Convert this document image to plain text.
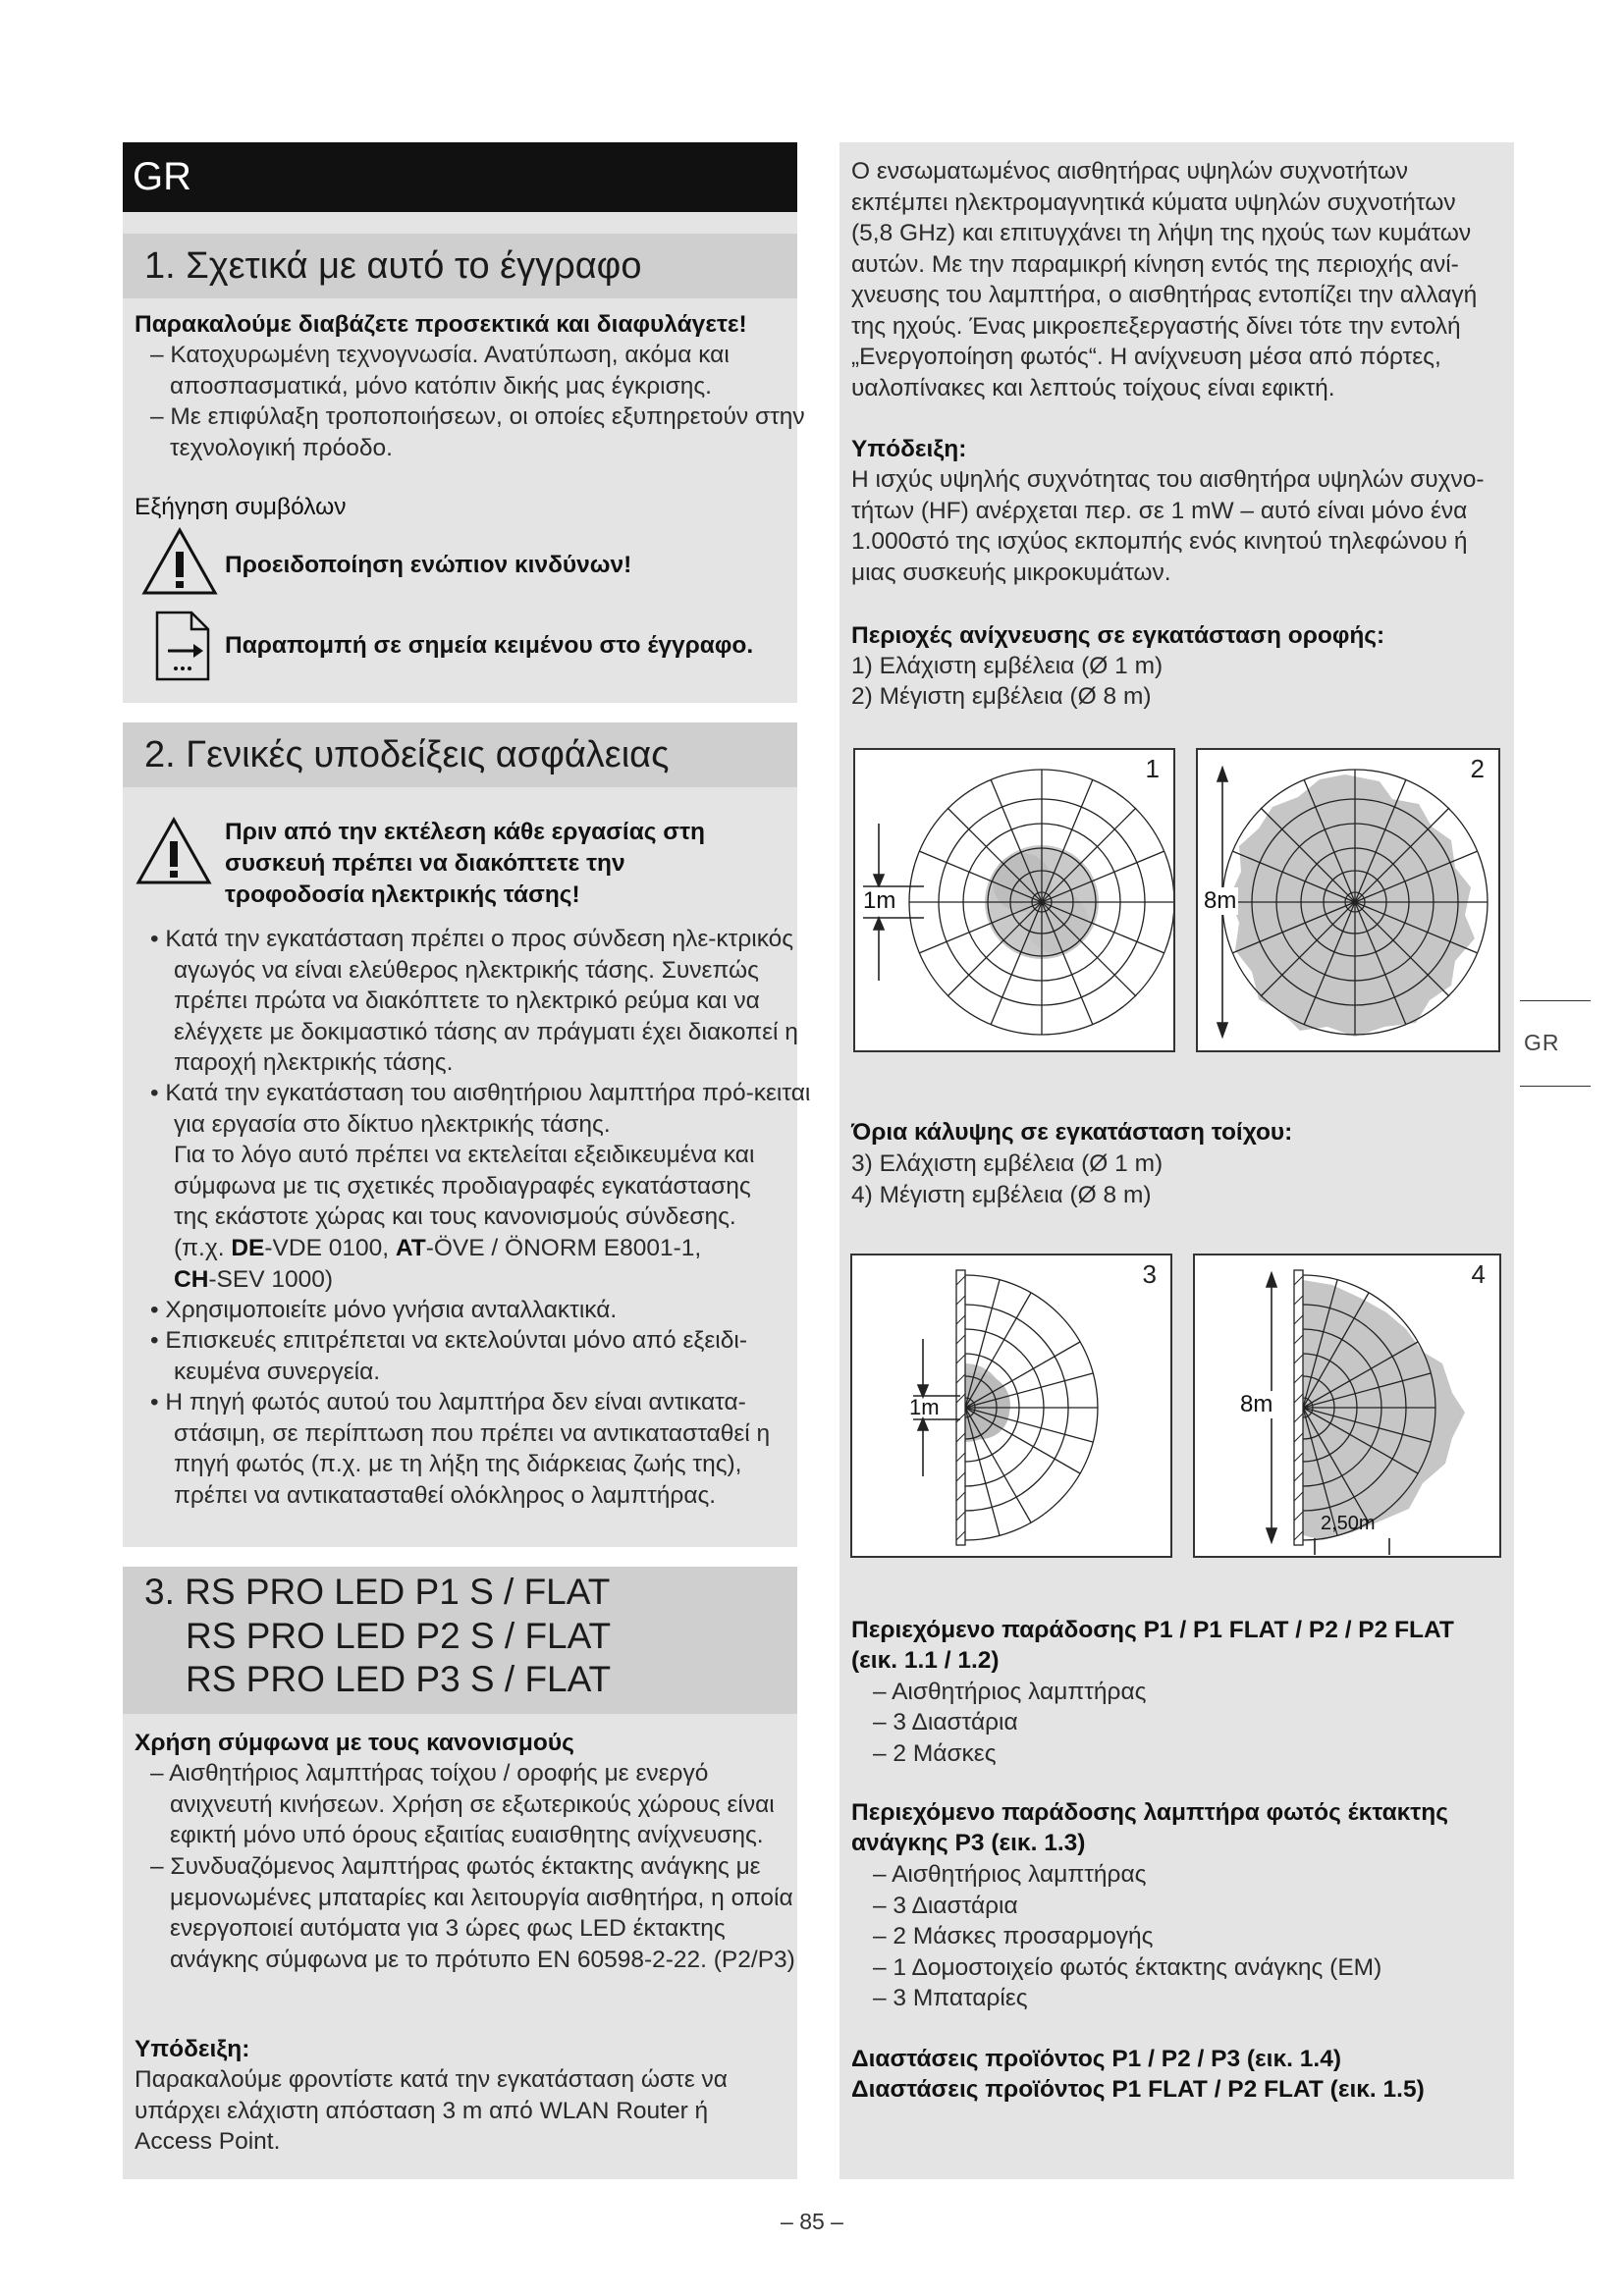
GR
1. Σχετικά με αυτό το έγγραφο
Παρακαλούμε διαβάζετε προσεκτικά και διαφυλάγετε!
– Κατοχυρωμένη τεχνογνωσία. Ανατύπωση, ακόμα και αποσπασματικά, μόνο κατόπιν δικής μας έγκρισης.
– Με επιφύλαξη τροποποιήσεων, οι οποίες εξυπηρετούν στην τεχνολογική πρόοδο.
Εξήγηση συμβόλων
Προειδοποίηση ενώπιον κινδύνων!
Παραπομπή σε σημεία κειμένου στο έγγραφο.
2. Γενικές υποδείξεις ασφάλειας
Πριν από την εκτέλεση κάθε εργασίας στη συσκευή πρέπει να διακόπτετε την τροφοδοσία ηλεκτρικής τάσης!
• Κατά την εγκατάσταση πρέπει ο προς σύνδεση ηλε-κτρικός αγωγός να είναι ελεύθερος ηλεκτρικής τάσης. Συνεπώς πρέπει πρώτα να διακόπτετε το ηλεκτρικό ρεύμα και να ελέγχετε με δοκιμαστικό τάσης αν πράγματι έχει διακοπεί η παροχή ηλεκτρικής τάσης.
• Κατά την εγκατάσταση του αισθητήριου λαμπτήρα πρό-κειται για εργασία στο δίκτυο ηλεκτρικής τάσης.
Για το λόγο αυτό πρέπει να εκτελείται εξειδικευμένα και σύμφωνα με τις σχετικές προδιαγραφές εγκατάστασης της εκάστοτε χώρας και τους κανονισμούς σύνδεσης.
(π.χ. DE-VDE 0100, AT-ÖVE / ÖNORM E8001-1,
CH-SEV 1000)
• Χρησιμοποιείτε μόνο γνήσια ανταλλακτικά.
• Επισκευές επιτρέπεται να εκτελούνται μόνο από εξειδι-κευμένα συνεργεία.
• Η πηγή φωτός αυτού του λαμπτήρα δεν είναι αντικατα-στάσιμη, σε περίπτωση που πρέπει να αντικατασταθεί η πηγή φωτός (π.χ. με τη λήξη της διάρκειας ζωής της), πρέπει να αντικατασταθεί ολόκληρος ο λαμπτήρας.
3. RS PRO LED P1 S / FLAT
RS PRO LED P2 S / FLAT
RS PRO LED P3 S / FLAT
Χρήση σύμφωνα με τους κανονισμούς
– Αισθητήριος λαμπτήρας τοίχου / οροφής με ενεργό ανιχνευτή κινήσεων. Χρήση σε εξωτερικούς χώρους είναι εφικτή μόνο υπό όρους εξαιτίας ευαισθητης ανίχνευσης.
– Συνδυαζόμενος λαμπτήρας φωτός έκτακτης ανάγκης με μεμονωμένες μπαταρίες και λειτουργία αισθητήρα, η οποία ενεργοποιεί αυτόματα για 3 ώρες φως LED έκτακτης ανάγκης σύμφωνα με το πρότυπο EN 60598-2-22. (P2/P3)
Υπόδειξη:
Παρακαλούμε φροντίστε κατά την εγκατάσταση ώστε να υπάρχει ελάχιστη απόσταση 3 m από WLAN Router ή Access Point.
Ο ενσωματωμένος αισθητήρας υψηλών συχνοτήτων εκπέμπει ηλεκτρομαγνητικά κύματα υψηλών συχνοτήτων (5,8 GHz) και επιτυγχάνει τη λήψη της ηχούς των κυμάτων αυτών. Με την παραμικρή κίνηση εντός της περιοχής ανί-χνευσης του λαμπτήρα, ο αισθητήρας εντοπίζει την αλλαγή της ηχούς. Ένας μικροεπεξεργαστής δίνει τότε την εντολή „Ενεργοποίηση φωτός“. Η ανίχνευση μέσα από πόρτες, υαλοπίνακες και λεπτούς τοίχους είναι εφικτή.
Υπόδειξη:
Η ισχύς υψηλής συχνότητας του αισθητήρα υψηλών συχνο-τήτων (HF) ανέρχεται περ. σε 1 mW – αυτό είναι μόνο ένα 1.000στό της ισχύος εκπομπής ενός κινητού τηλεφώνου ή μιας συσκευής μικροκυμάτων.
Περιοχές ανίχνευσης σε εγκατάσταση οροφής:
1) Ελάχιστη εμβέλεια (Ø 1 m)
2) Μέγιστη εμβέλεια (Ø 8 m)
1
1m
2
8m
Όρια κάλυψης σε εγκατάσταση τοίχου:
3) Ελάχιστη εμβέλεια (Ø 1 m)
4) Μέγιστη εμβέλεια (Ø 8 m)
3
1m
4
8m
2,50m
Περιεχόμενο παράδοσης P1 / P1 FLAT / P2 / P2 FLAT (εικ. 1.1 / 1.2)
– Αισθητήριος λαμπτήρας
– 3 Διαστάρια
– 2 Μάσκες
Περιεχόμενο παράδοσης λαμπτήρα φωτός έκτακτης ανάγκης P3 (εικ. 1.3)
– Αισθητήριος λαμπτήρας
– 3 Διαστάρια
– 2 Μάσκες προσαρμογής
– 1 Δομοστοιχείο φωτός έκτακτης ανάγκης (EM)
– 3 Μπαταρίες
Διαστάσεις προϊόντος P1 / P2 / P3 (εικ. 1.4)
Διαστάσεις προϊόντος P1 FLAT / P2 FLAT (εικ. 1.5)
GR
– 85 –
